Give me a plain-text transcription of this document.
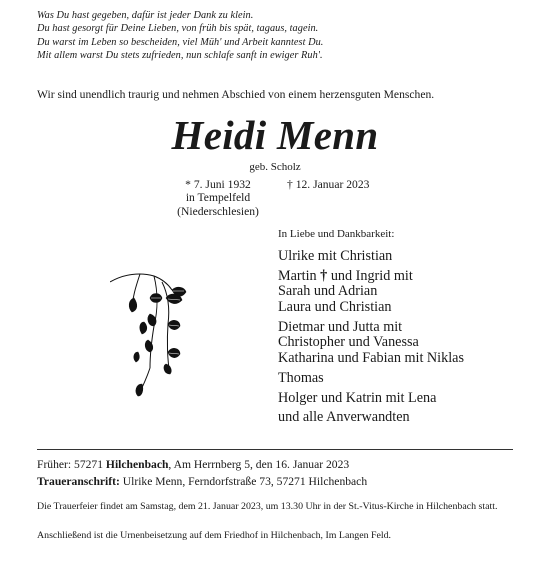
Was Du hast gegeben, dafür ist jeder Dank zu klein.
Du hast gesorgt für Deine Lieben, von früh bis spät, tagaus, tagein.
Du warst im Leben so bescheiden, viel Müh' und Arbeit kanntest Du.
Mit allem warst Du stets zufrieden, nun schlafe sanft in ewiger Ruh'.
Wir sind unendlich traurig und nehmen Abschied von einem herzensguten Menschen.
Heidi Menn
geb. Scholz
* 7. Juni 1932
in Tempelfeld
(Niederschlesien)
† 12. Januar 2023
In Liebe und Dankbarkeit:
Ulrike mit Christian
Martin † und Ingrid mit
Sarah und Adrian
Laura und Christian
Dietmar und Jutta mit
Christopher und Vanessa
Katharina und Fabian mit Niklas
Thomas
Holger und Katrin mit Lena
und alle Anverwandten
Früher: 57271 Hilchenbach, Am Herrnberg 5, den 16. Januar 2023
Traueranschrift: Ulrike Menn, Ferndorfstraße 73, 57271 Hilchenbach
Die Trauerfeier findet am Samstag, dem 21. Januar 2023, um 13.30 Uhr in der St.-Vitus-Kirche in Hilchenbach statt.
Anschließend ist die Urnenbeisetzung auf dem Friedhof in Hilchenbach, Im Langen Feld.
